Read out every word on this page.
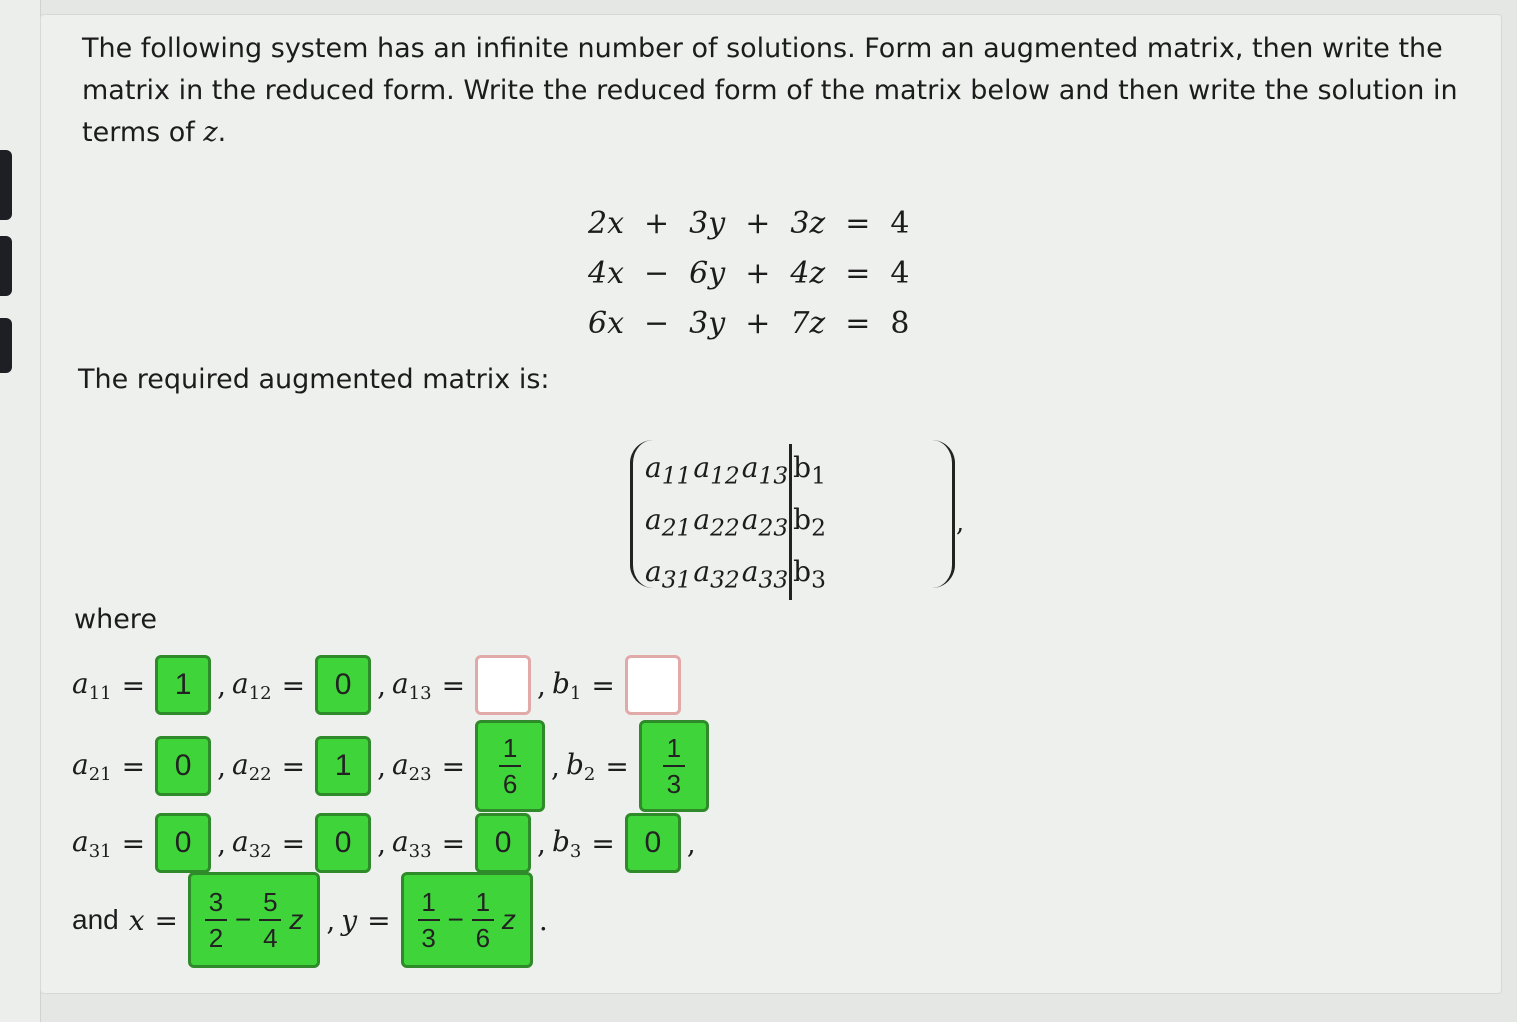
The following system has an infinite number of solutions. Form an augmented matrix, then write the matrix in the reduced form. Write the reduced form of the matrix below and then write the solution in terms of z.
2x	+	3y	+	3z	=	4
4x	−	6y	+	4z	=	4
6x	−	3y	+	7z	=	8
The required augmented matrix is:
$a_{11}$	$a_{12}$	$a_{13}$	$b_1$
$a_{21}$	$a_{22}$	$a_{23}$	$b_2$
$a_{31}$	$a_{32}$	$a_{33}$	$b_3$
,
where
$a_{11} = 1$ , $a_{12} = 0$ , $a_{13}$ =	, $b_1$ =
$a_{21} = 0$ , $a_{22} = 1$ , $a_{23} = \frac{1}{6}$ , $b_2 = \frac{1}{3}$
$a_{31} = 0$ , $a_{32} = 0$ , $a_{33} = 0$ , $b_3 = 0$ ,
and $x = \frac{3}{2} - \frac{5}{4}$ z , $y = \frac{1}{3} - \frac{1}{6}$ z .
